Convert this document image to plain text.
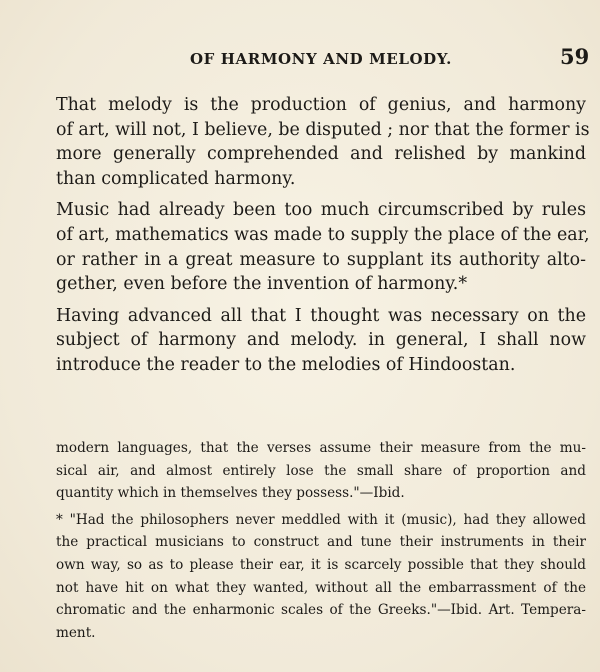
OF HARMONY AND MELODY.	59
That melody is the production of genius, and harmony
of art, will not, I believe, be disputed ; nor that the former is
more generally comprehended and relished by mankind
than complicated harmony.
Music had already been too much circumscribed by rules
of art, mathematics was made to supply the place of the ear,
or rather in a great measure to supplant its authority alto-
gether, even before the invention of harmony.*
Having advanced all that I thought was necessary on the
subject of harmony and melody. in general, I shall now
introduce the reader to the melodies of Hindoostan.
modern languages, that the verses assume their measure from the mu-
sical air, and almost entirely lose the small share of proportion and
quantity which in themselves they possess."—Ibid.
* "Had the philosophers never meddled with it (music), had they allowed
the practical musicians to construct and tune their instruments in their
own way, so as to please their ear, it is scarcely possible that they should
not have hit on what they wanted, without all the embarrassment of the
chromatic and the enharmonic scales of the Greeks."—Ibid. Art. Tempera-
ment.
